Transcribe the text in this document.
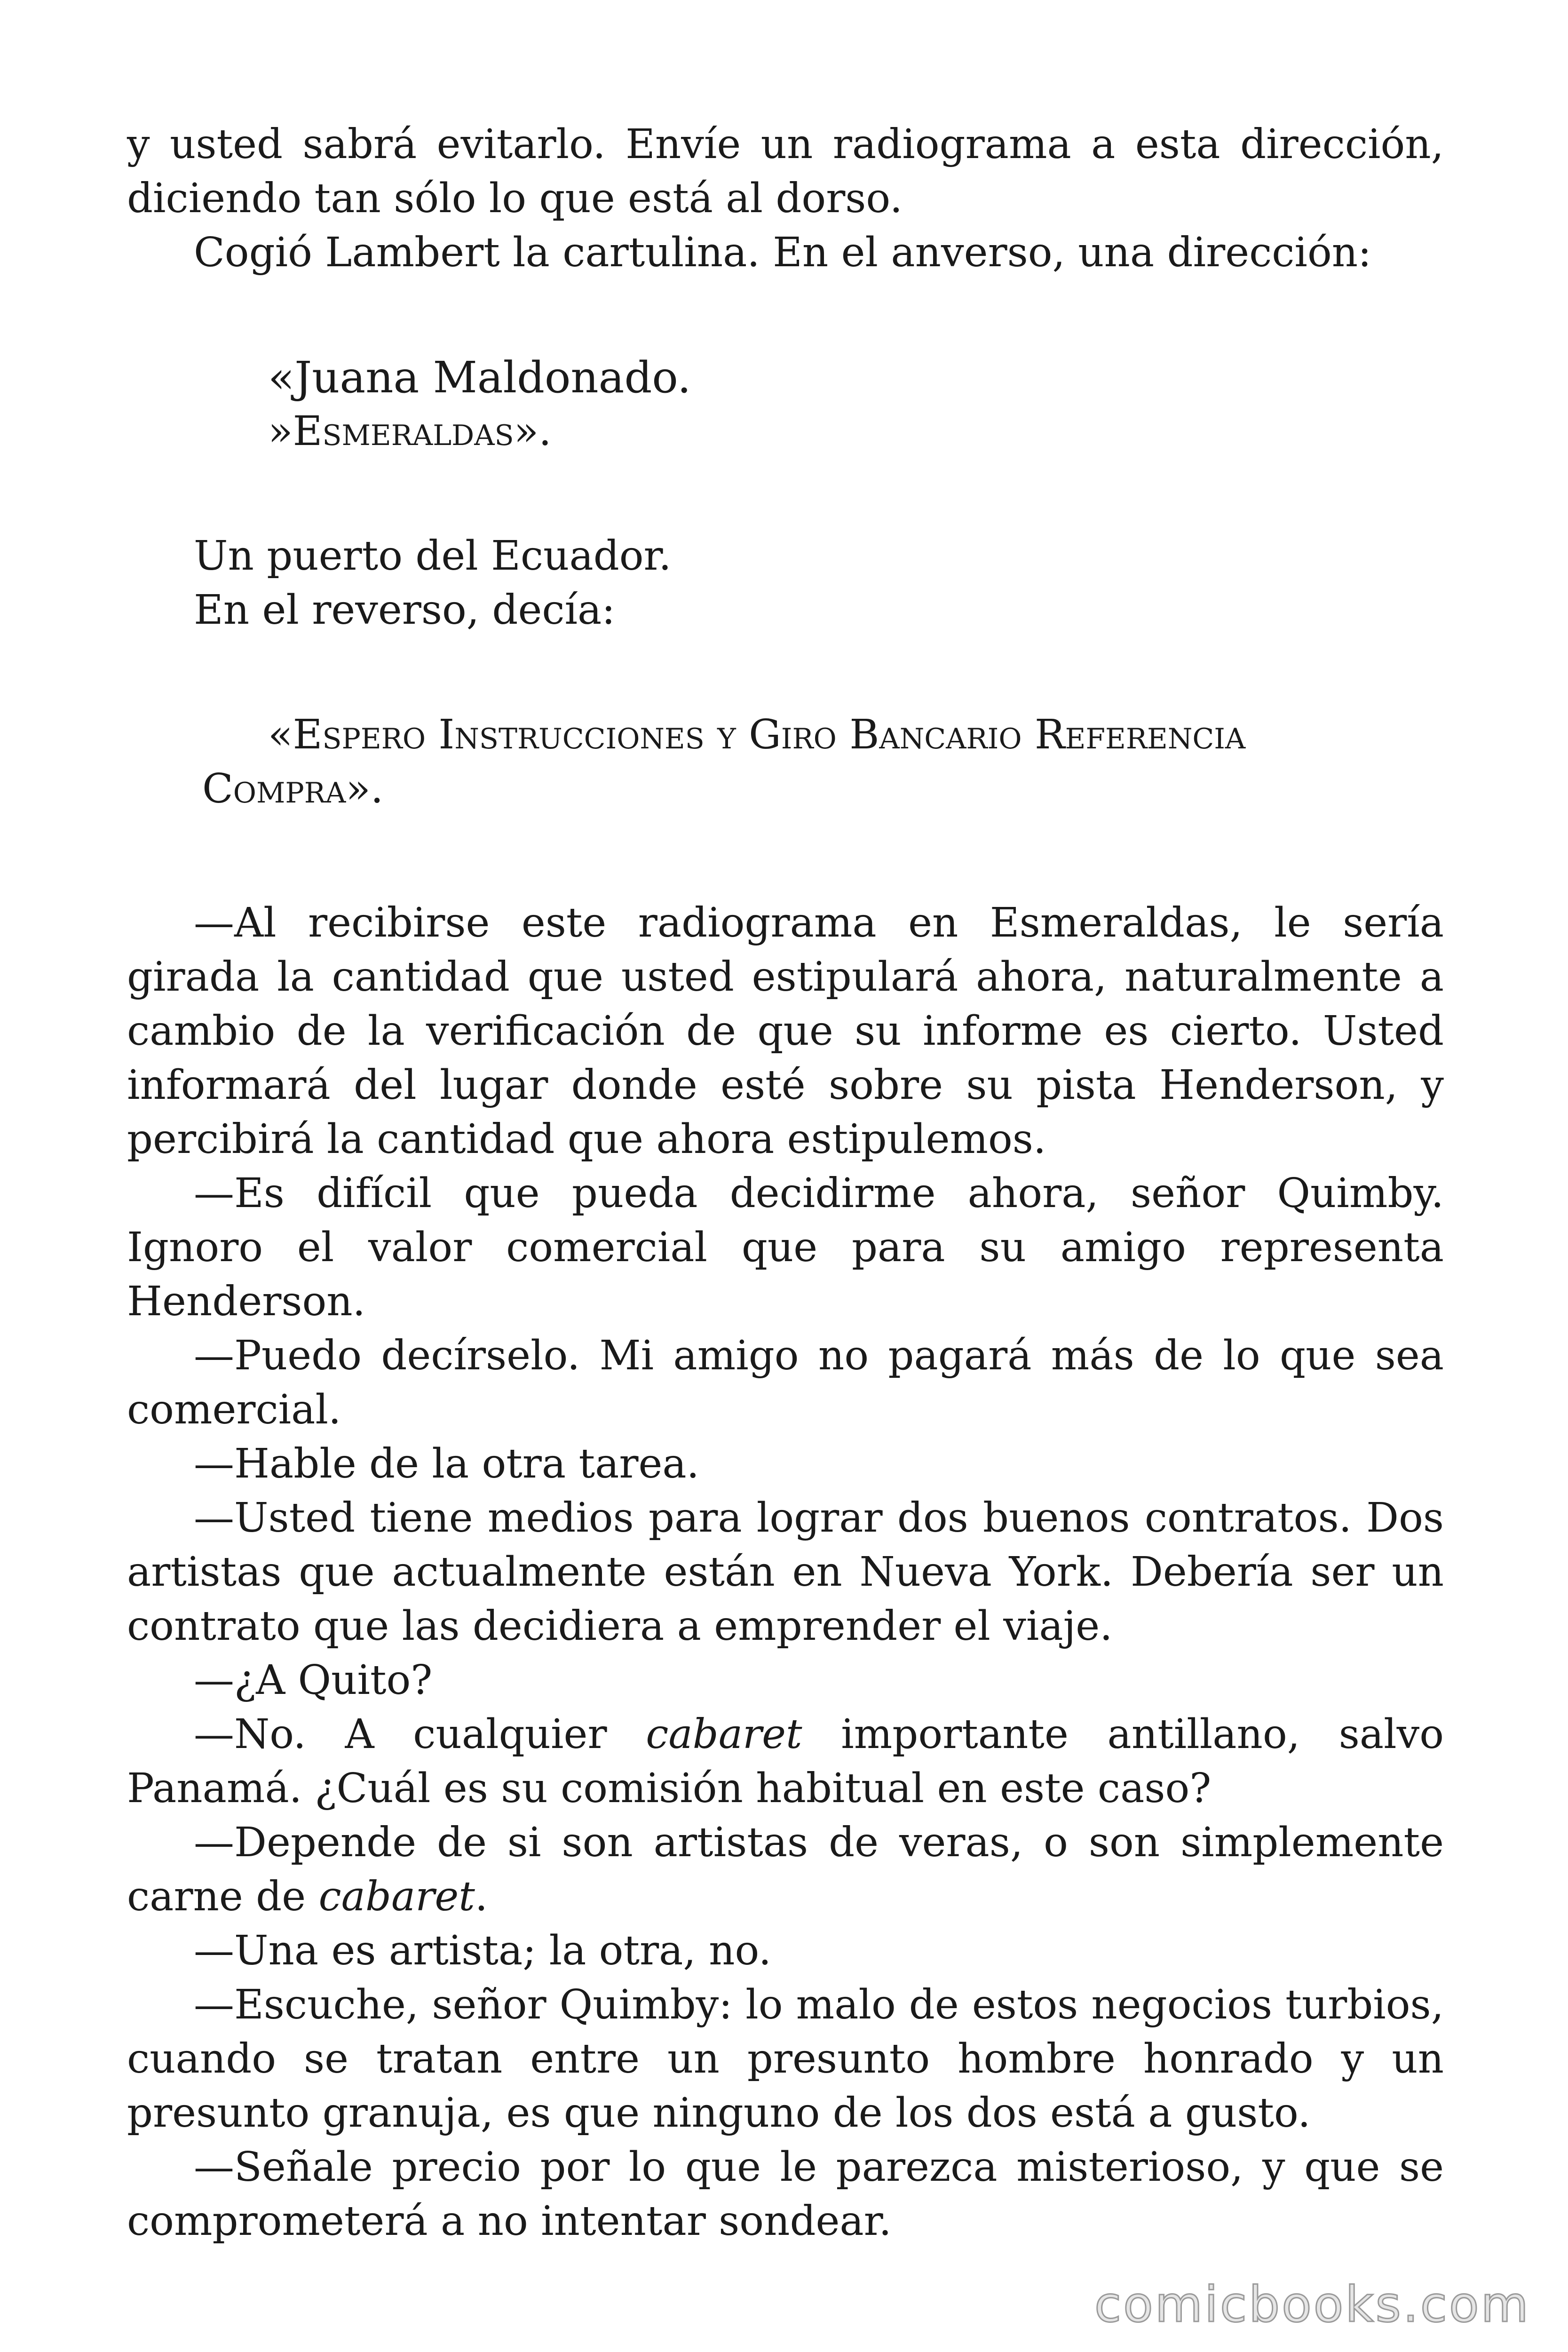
y usted sabrá evitarlo. Envíe un radiograma a esta dirección, diciendo tan sólo lo que está al dorso.

Cogió Lambert la cartulina. En el anverso, una dirección:

«Juana Maldonado.

»Esmeraldas».

Un puerto del Ecuador.

En el reverso, decía:

«Espero Instrucciones y Giro Bancario Referencia

Compra».

—Al recibirse este radiograma en Esmeraldas, le sería girada la cantidad que usted estipulará ahora, naturalmente a cambio de la verificación de que su informe es cierto. Usted informará del lugar donde esté sobre su pista Henderson, y percibirá la cantidad que ahora estipulemos.

—Es difícil que pueda decidirme ahora, señor Quimby. Ignoro el valor comercial que para su amigo representa Henderson.

—Puedo decírselo. Mi amigo no pagará más de lo que sea comercial.

—Hable de la otra tarea.

—Usted tiene medios para lograr dos buenos contratos. Dos artistas que actualmente están en Nueva York. Debería ser un contrato que las decidiera a emprender el viaje.

—¿A Quito?

—No. A cualquier cabaret importante antillano, salvo Panamá. ¿Cuál es su comisión habitual en este caso?

—Depende de si son artistas de veras, o son simplemente carne de cabaret.

—Una es artista; la otra, no.

—Escuche, señor Quimby: lo malo de estos negocios turbios, cuando se tratan entre un presunto hombre honrado y un presunto granuja, es que ninguno de los dos está a gusto.

—Señale precio por lo que le parezca misterioso, y que se comprometerá a no intentar sondear.

comicbooks.com
